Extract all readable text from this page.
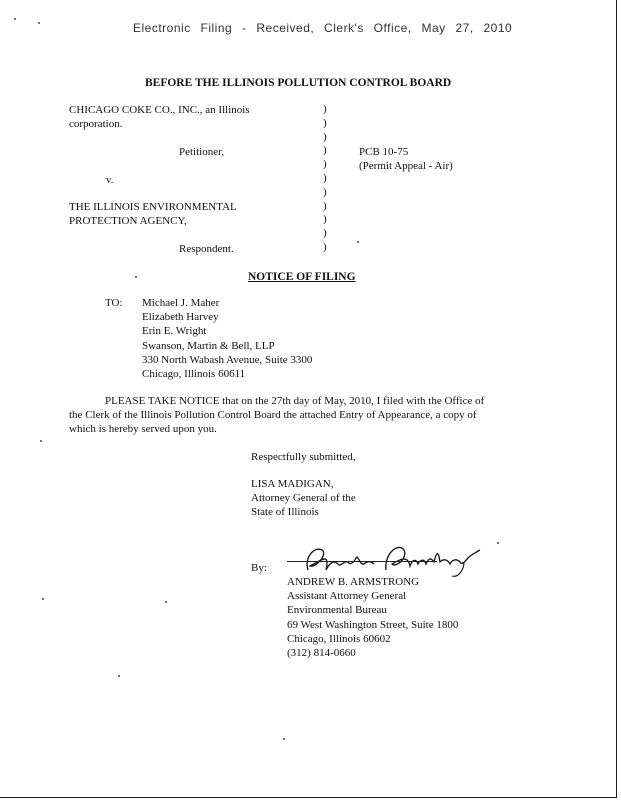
Electronic Filing - Received, Clerk's Office, May 27, 2010
BEFORE THE ILLINOIS POLLUTION CONTROL BOARD
CHICAGO COKE CO., INC., an Illinois
corporation.
Petitioner,
v.
THE ILLINOIS ENVIRONMENTAL
PROTECTION AGENCY,
Respondent.
)
)
)
)
)
)
)
)
)
)
)
PCB 10-75
(Permit Appeal - Air)
NOTICE OF FILING
TO: Michael J. Maher
Elizabeth Harvey
Erin E. Wright
Swanson, Martin & Bell, LLP
330 North Wabash Avenue, Suite 3300
Chicago, Illinois 60611
PLEASE TAKE NOTICE that on the 27th day of May, 2010, I filed with the Office of
the Clerk of the Illinois Pollution Control Board the attached Entry of Appearance, a copy of
which is hereby served upon you.
Respectfully submitted,
LISA MADIGAN,
Attorney General of the
State of Illinois
By:
ANDREW B. ARMSTRONG
Assistant Attorney General
Environmental Bureau
69 West Washington Street, Suite 1800
Chicago, Illinois 60602
(312) 814-0660
